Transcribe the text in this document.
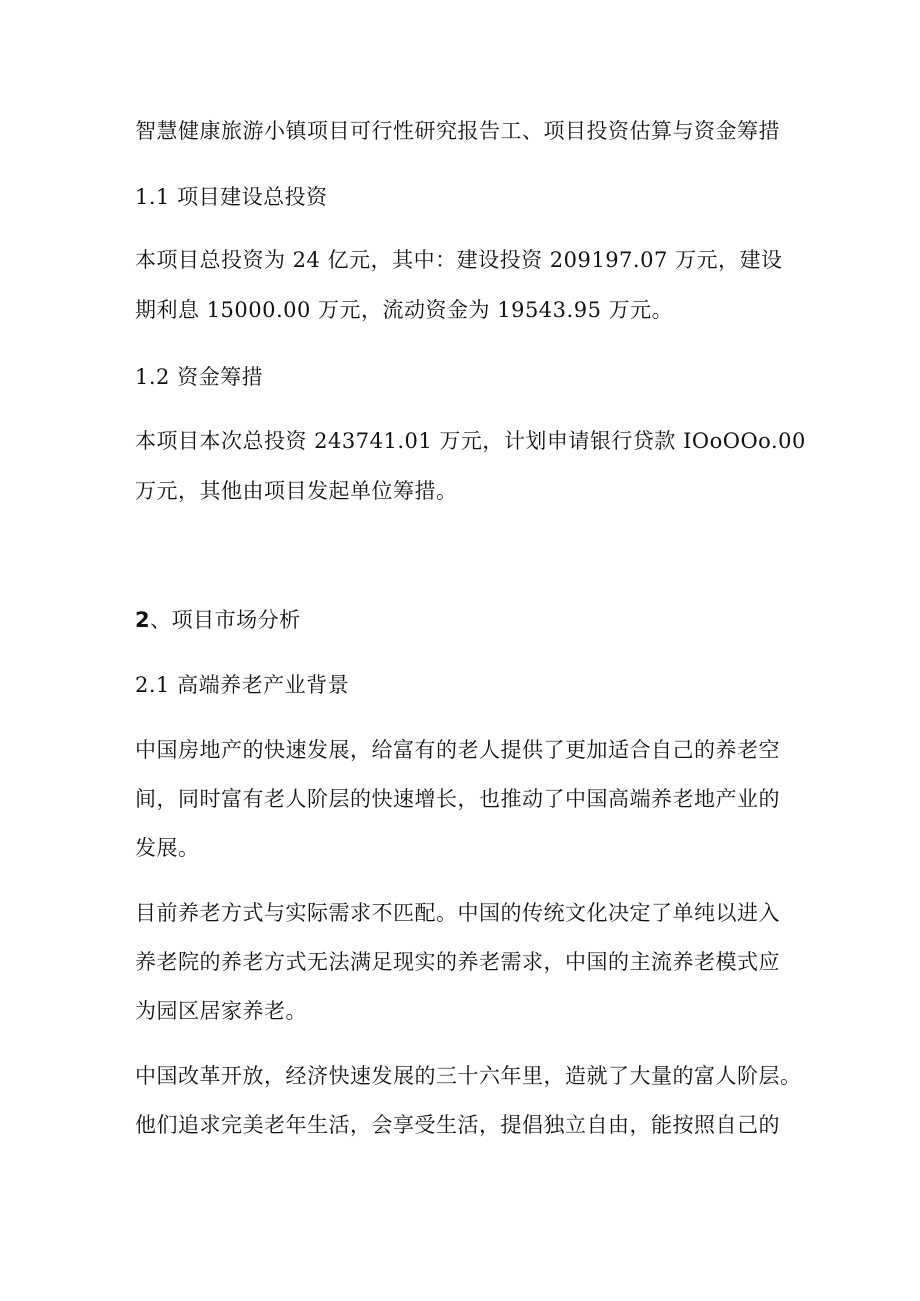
智慧健康旅游小镇项目可行性研究报告工、项目投资估算与资金筹措
1.1 项目建设总投资
本项目总投资为 24 亿元，其中：建设投资 209197.07 万元，建设
期利息 15000.00 万元，流动资金为 19543.95 万元。
1.2 资金筹措
本项目本次总投资 243741.01 万元，计划申请银行贷款 IOoOOo.00
万元，其他由项目发起单位筹措。
2、项目市场分析
2.1 高端养老产业背景
中国房地产的快速发展，给富有的老人提供了更加适合自己的养老空
间，同时富有老人阶层的快速增长，也推动了中国高端养老地产业的
发展。
目前养老方式与实际需求不匹配。中国的传统文化决定了单纯以进入
养老院的养老方式无法满足现实的养老需求，中国的主流养老模式应
为园区居家养老。
中国改革开放，经济快速发展的三十六年里，造就了大量的富人阶层。
他们追求完美老年生活，会享受生活，提倡独立自由，能按照自己的
